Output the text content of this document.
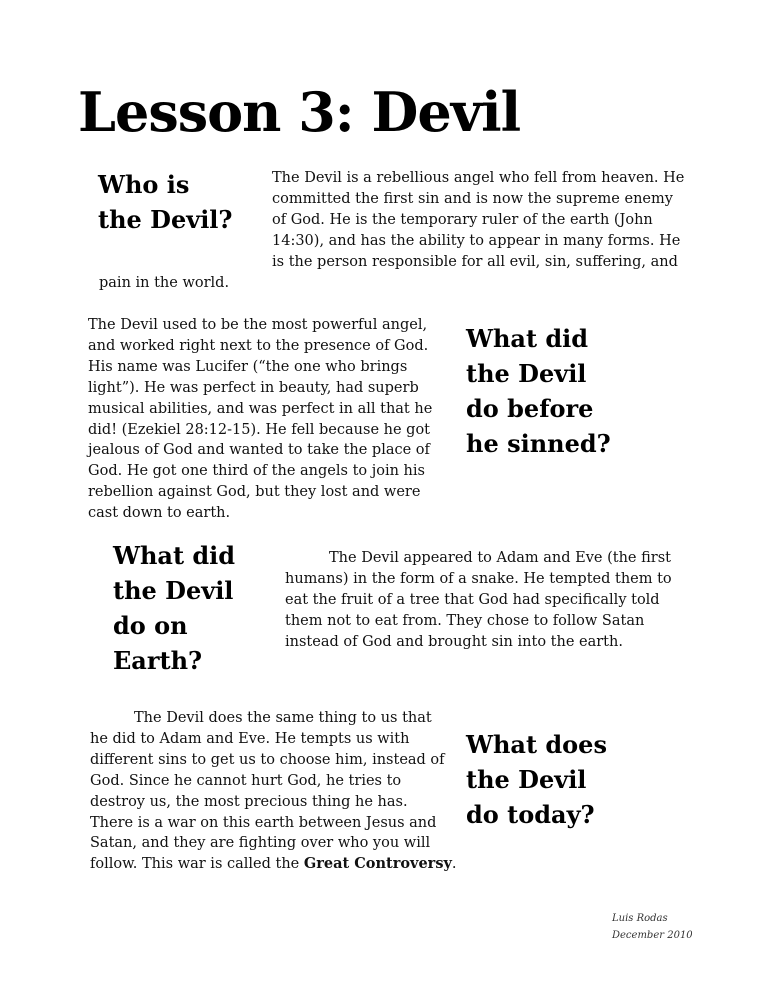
Lesson 3: Devil
Who is
the Devil?

The Devil is a rebellious angel who fell from heaven. He committed the first sin and is now the supreme enemy of God. He is the temporary ruler of the earth (John 14:30), and has the ability to appear in many forms. He is the person responsible for all evil, sin, suffering, and pain in the world.

What did
the Devil
do before
he sinned?

The Devil used to be the most powerful angel, and worked right next to the presence of God. His name was Lucifer (“the one who brings light”). He was perfect in beauty, had superb musical abilities, and was perfect in all that he did! (Ezekiel 28:12-15). He fell because he got jealous of God and wanted to take the place of God. He got one third of the angels to join his rebellion against God, but they lost and were cast down to earth.

What did
the Devil
do on
Earth?

The Devil appeared to Adam and Eve (the first humans) in the form of a snake. He tempted them to eat the fruit of a tree that God had specifically told them not to eat from. They chose to follow Satan instead of God and brought sin into the earth.

What does
the Devil
do today?

The Devil does the same thing to us that he did to Adam and Eve. He tempts us with different sins to get us to choose him, instead of God. Since he cannot hurt God, he tries to destroy us, the most precious thing he has. There is a war on this earth between Jesus and Satan, and they are fighting over who you will follow. This war is called the Great Controversy.

Luis Rodas
December 2010
